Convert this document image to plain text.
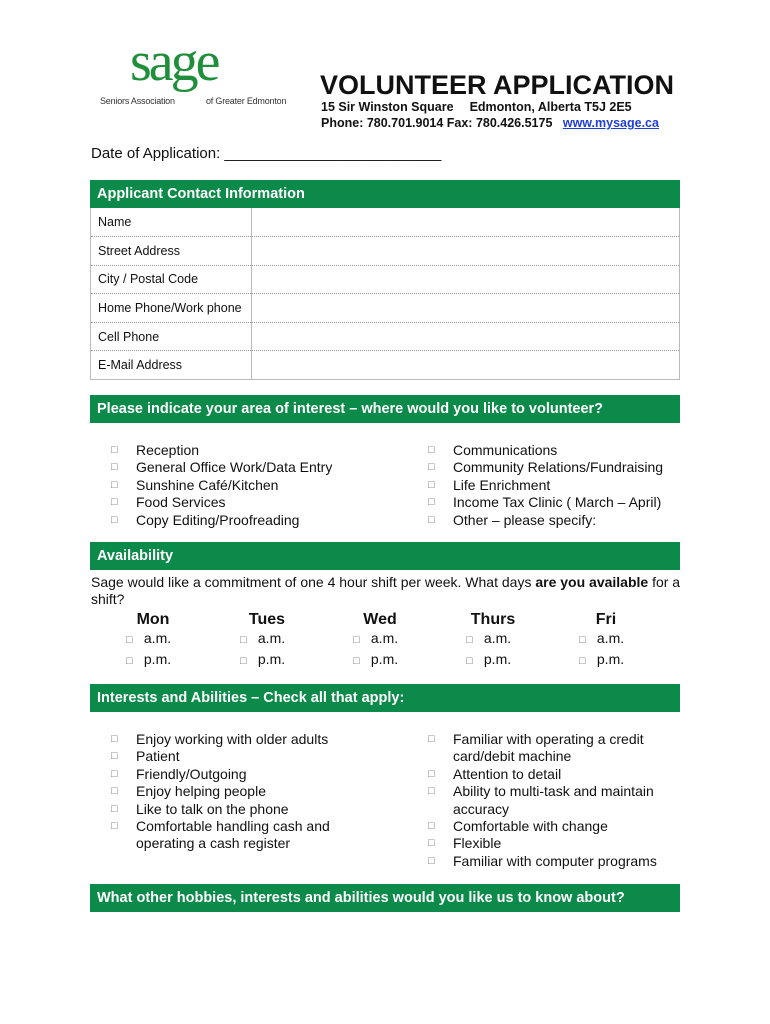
sage
Seniors Association	of Greater Edmonton
VOLUNTEER APPLICATION
15 Sir Winston Square Edmonton, Alberta T5J 2E5
Phone: 780.701.9014 Fax: 780.426.5175 www.mysage.ca
Date of Application: __________________________
Applicant Contact Information
Name	
Street Address	
City / Postal Code	
Home Phone/Work phone	
Cell Phone	
E-Mail Address	
Please indicate your area of interest – where would you like to volunteer?
□ Reception
□ General Office Work/Data Entry
□ Sunshine Café/Kitchen
□ Food Services
□ Copy Editing/Proofreading
□ Communications
□ Community Relations/Fundraising
□ Life Enrichment
□ Income Tax Clinic ( March – April)
□ Other – please specify:
Availability
Sage would like a commitment of one 4 hour shift per week. What days are you available for a shift?
Mon
□ a.m.
□ p.m.
Tues
□ a.m.
□ p.m.
Wed
□ a.m.
□ p.m.
Thurs
□ a.m.
□ p.m.
Fri
□ a.m.
□ p.m.
Interests and Abilities – Check all that apply:
□ Enjoy working with older adults
□ Patient
□ Friendly/Outgoing
□ Enjoy helping people
□ Like to talk on the phone
□ Comfortable handling cash and operating a cash register
□ Familiar with operating a credit card/debit machine
□ Attention to detail
□ Ability to multi-task and maintain accuracy
□ Comfortable with change
□ Flexible
□ Familiar with computer programs
What other hobbies, interests and abilities would you like us to know about?
